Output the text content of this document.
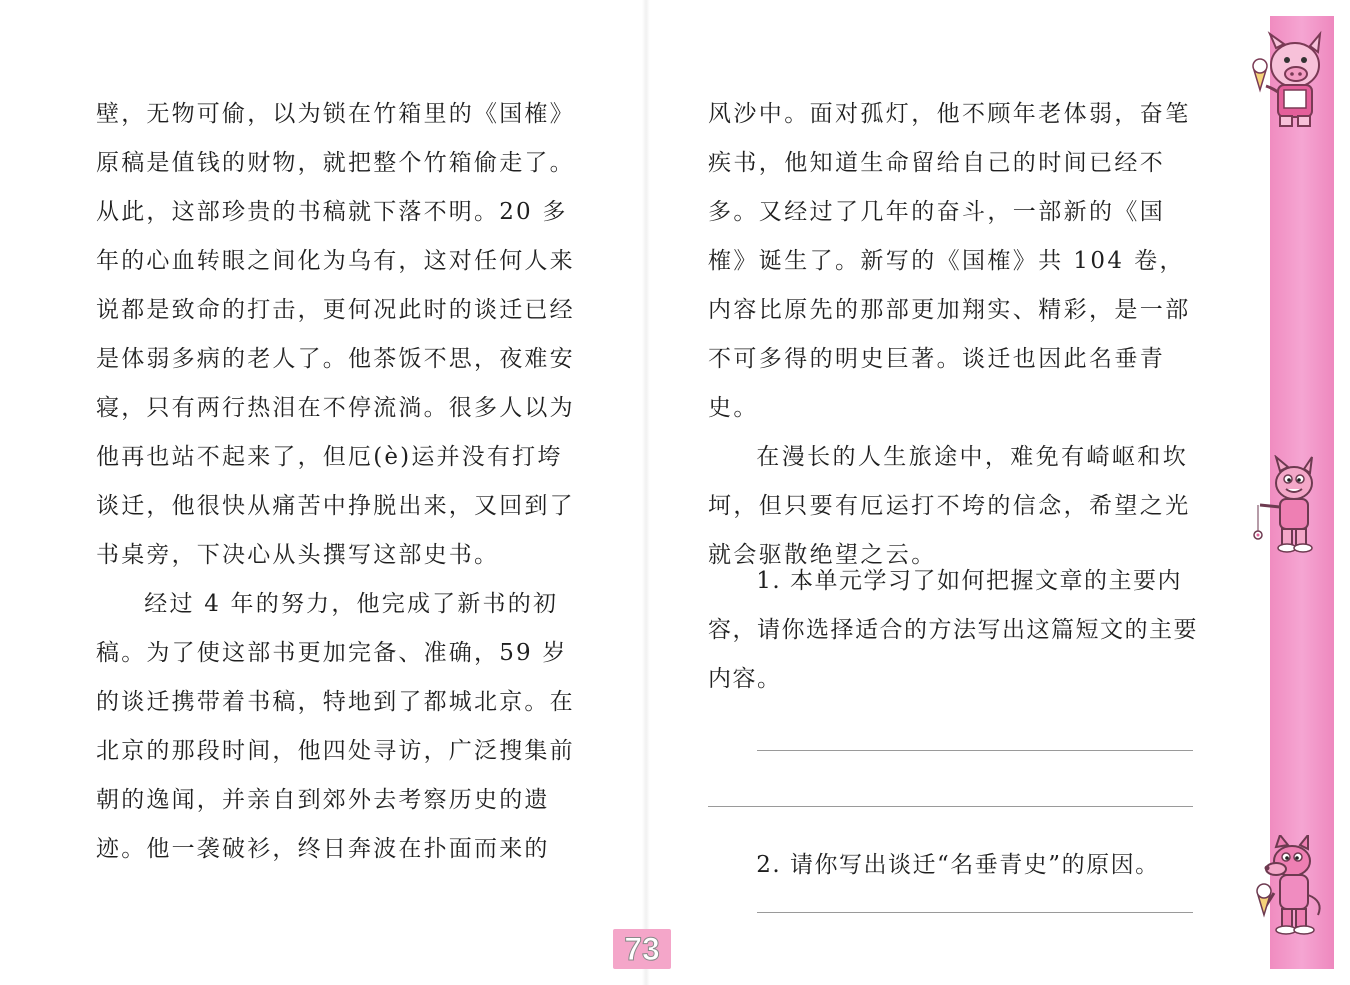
壁，无物可偷，以为锁在竹箱里的《国榷》原稿是值钱的财物，就把整个竹箱偷走了。从此，这部珍贵的书稿就下落不明。20 多年的心血转眼之间化为乌有，这对任何人来说都是致命的打击，更何况此时的谈迁已经是体弱多病的老人了。他茶饭不思，夜难安寝，只有两行热泪在不停流淌。很多人以为他再也站不起来了，但厄(è)运并没有打垮谈迁，他很快从痛苦中挣脱出来，又回到了书桌旁，下决心从头撰写这部史书。

经过 4 年的努力，他完成了新书的初稿。为了使这部书更加完备、准确，59 岁的谈迁携带着书稿，特地到了都城北京。在北京的那段时间，他四处寻访，广泛搜集前朝的逸闻，并亲自到郊外去考察历史的遗迹。他一袭破衫，终日奔波在扑面而来的

风沙中。面对孤灯，他不顾年老体弱，奋笔疾书，他知道生命留给自己的时间已经不多。又经过了几年的奋斗，一部新的《国榷》诞生了。新写的《国榷》共 104 卷，内容比原先的那部更加翔实、精彩，是一部不可多得的明史巨著。谈迁也因此名垂青史。

在漫长的人生旅途中，难免有崎岖和坎坷，但只要有厄运打不垮的信念，希望之光就会驱散绝望之云。

1. 本单元学习了如何把握文章的主要内容，请你选择适合的方法写出这篇短文的主要内容。

2. 请你写出谈迁“名垂青史”的原因。

73
